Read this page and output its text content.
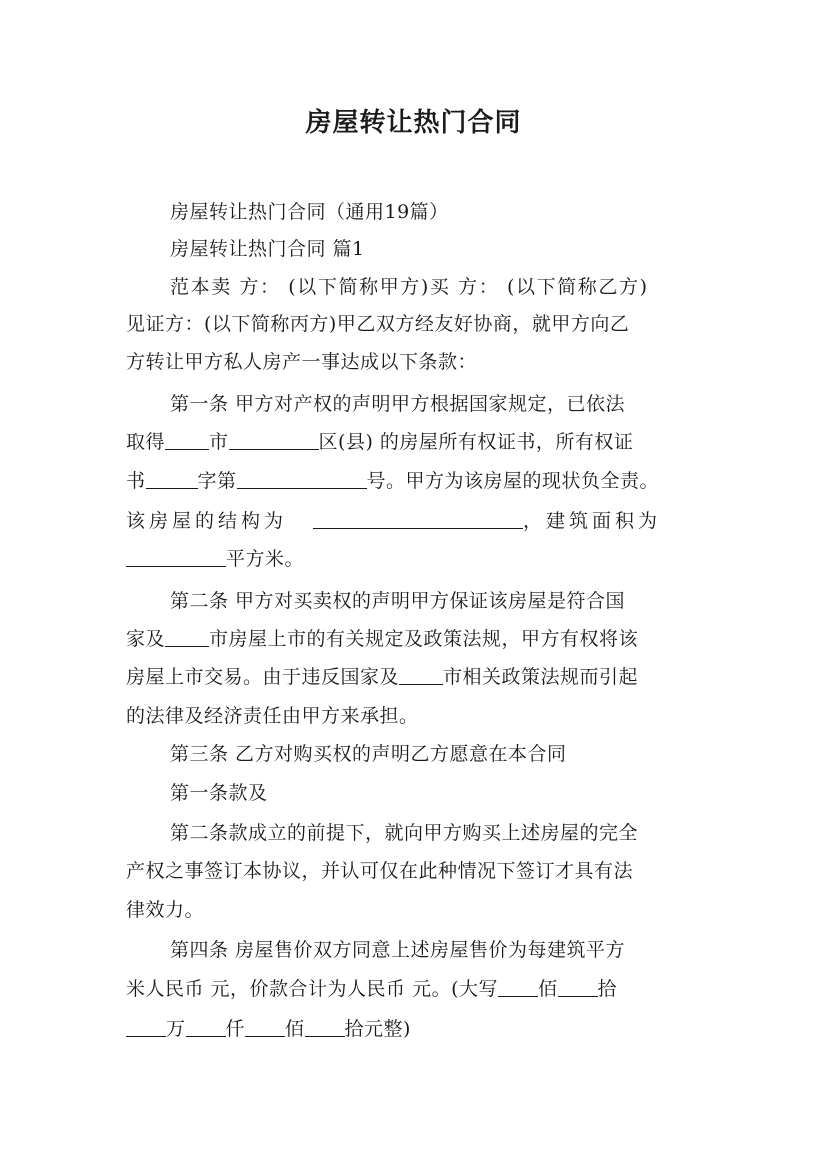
房屋转让热门合同
房屋转让热门合同（通用19篇）
房屋转让热门合同 篇1
范本卖 方： (以下简称甲方)买 方： (以下简称乙方)
见证方：(以下简称丙方)甲乙双方经友好协商，就甲方向乙
方转让甲方私人房产一事达成以下条款：
第一条 甲方对产权的声明甲方根据国家规定，已依法
取得 市	区(县) 的房屋所有权证书，所有权证
书	字第	号。甲方为该房屋的现状负全责。
该房屋的结构为	，建筑面积为
平方米。
第二条 甲方对买卖权的声明甲方保证该房屋是符合国
家及 市房屋上市的有关规定及政策法规，甲方有权将该
房屋上市交易。由于违反国家及 市相关政策法规而引起
的法律及经济责任由甲方来承担。
第三条 乙方对购买权的声明乙方愿意在本合同
第一条款及
第二条款成立的前提下，就向甲方购买上述房屋的完全
产权之事签订本协议，并认可仅在此种情况下签订才具有法
律效力。
第四条 房屋售价双方同意上述房屋售价为每建筑平方
米人民币 元，价款合计为人民币 元。(大写 佰 拾
万 仟 佰 拾元整)
